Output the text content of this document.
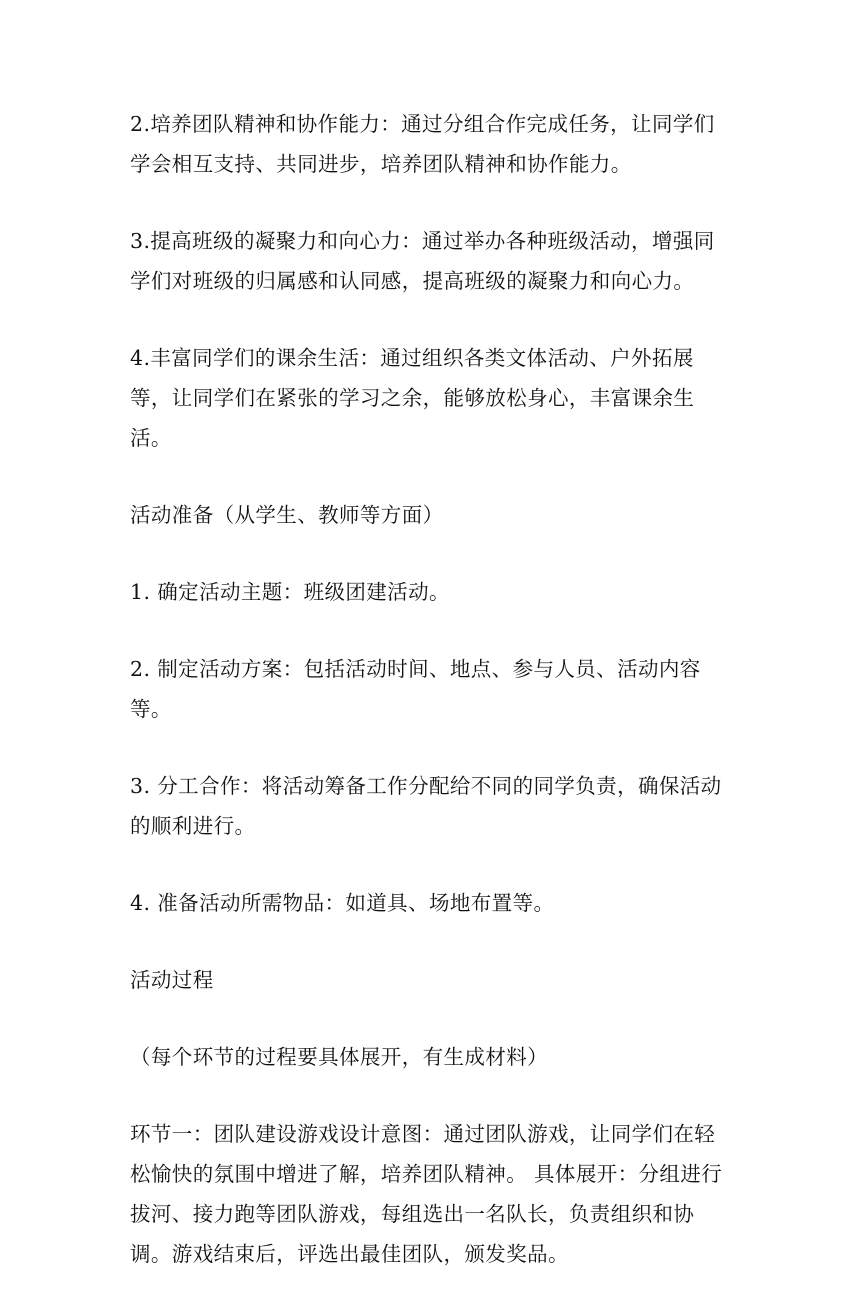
2.培养团队精神和协作能力：通过分组合作完成任务，让同学们学会相互支持、共同进步，培养团队精神和协作能力。

3.提高班级的凝聚力和向心力：通过举办各种班级活动，增强同学们对班级的归属感和认同感，提高班级的凝聚力和向心力。

4.丰富同学们的课余生活：通过组织各类文体活动、户外拓展等，让同学们在紧张的学习之余，能够放松身心，丰富课余生活。

活动准备（从学生、教师等方面）

1. 确定活动主题：班级团建活动。

2. 制定活动方案：包括活动时间、地点、参与人员、活动内容等。

3. 分工合作：将活动筹备工作分配给不同的同学负责，确保活动的顺利进行。

4. 准备活动所需物品：如道具、场地布置等。

活动过程

（每个环节的过程要具体展开，有生成材料）

环节一：团队建设游戏设计意图：通过团队游戏，让同学们在轻松愉快的氛围中增进了解，培养团队精神。 具体展开：分组进行拔河、接力跑等团队游戏，每组选出一名队长，负责组织和协调。游戏结束后，评选出最佳团队，颁发奖品。
